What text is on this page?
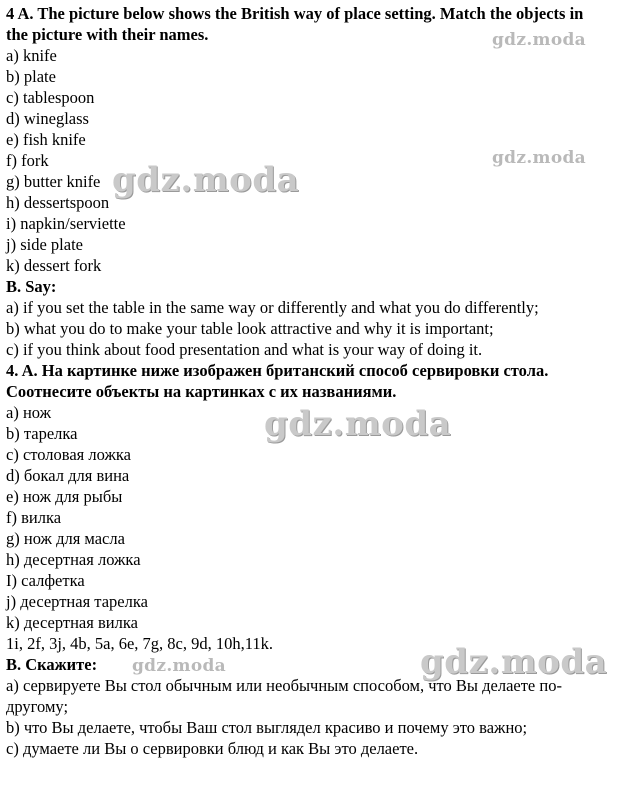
4 A. The picture below shows the British way of place setting. Match the objects in the picture with their names.
a) knife
b) plate
c) tablespoon
d) wineglass
e) fish knife
f) fork
g) butter knife
h) dessertspoon
i) napkin/serviette
j) side plate
k) dessert fork
B. Say:
a) if you set the table in the same way or differently and what you do differently;
b) what you do to make your table look attractive and why it is important;
c) if you think about food presentation and what is your way of doing it.
4. A. На картинке ниже изображен британский способ сервировки стола. Соотнесите объекты на картинках с их названиями.
a) нож
b) тарелка
c) столовая ложка
d) бокал для вина
e) нож для рыбы
f) вилка
g) нож для масла
h) десертная ложка
I) салфетка
j) десертная тарелка
k) десертная вилка
1i, 2f, 3j, 4b, 5a, 6e, 7g, 8c, 9d, 10h,11k.
B. Скажите:
a) сервируете Вы стол обычным или необычным способом, что Вы делаете по-другому;
b) что Вы делаете, чтобы Ваш стол выглядел красиво и почему это важно;
c) думаете ли Вы о сервировки блюд и как Вы это делаете.
gdz.moda
gdz.moda
gdz.moda
gdz.moda
gdz.moda	gdz.moda
